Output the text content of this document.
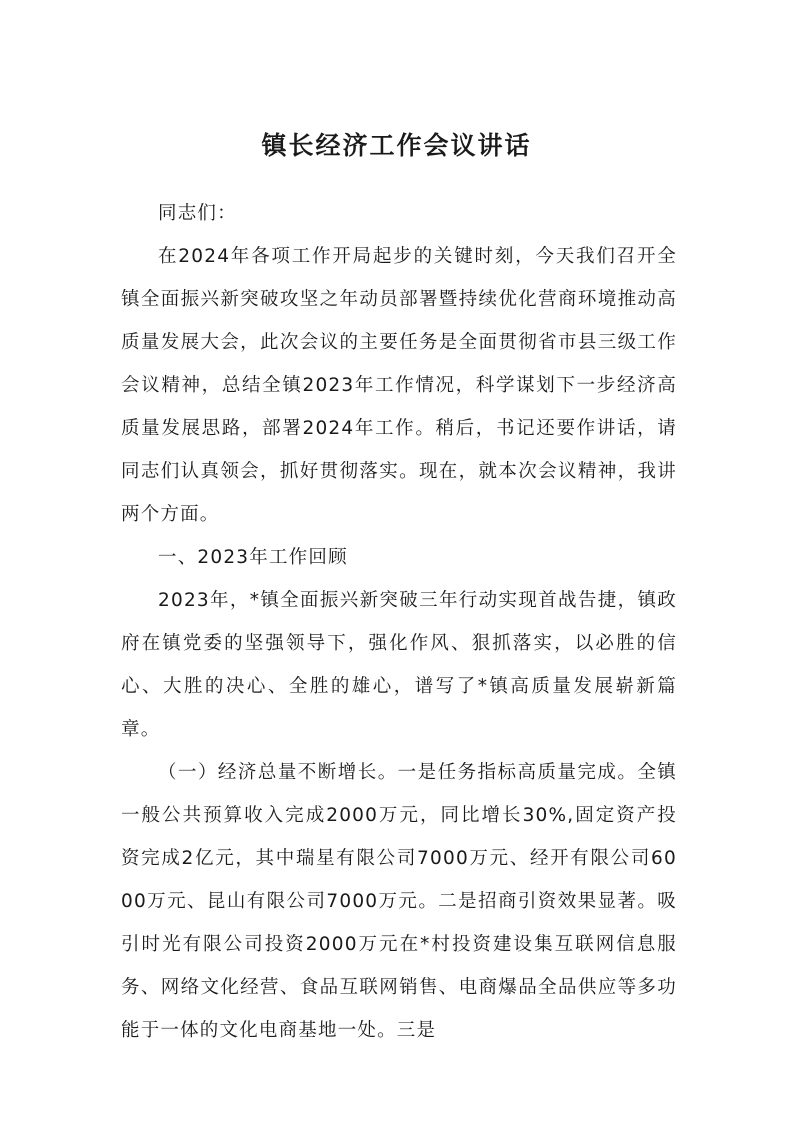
镇长经济工作会议讲话

同志们：

在2024年各项工作开局起步的关键时刻，今天我们召开全镇全面振兴新突破攻坚之年动员部署暨持续优化营商环境推动高质量发展大会，此次会议的主要任务是全面贯彻省市县三级工作会议精神，总结全镇2023年工作情况，科学谋划下一步经济高质量发展思路，部署2024年工作。稍后，书记还要作讲话，请同志们认真领会，抓好贯彻落实。现在，就本次会议精神，我讲两个方面。

一、2023年工作回顾

2023年，*镇全面振兴新突破三年行动实现首战告捷，镇政府在镇党委的坚强领导下，强化作风、狠抓落实，以必胜的信心、大胜的决心、全胜的雄心，谱写了*镇高质量发展崭新篇章。

（一）经济总量不断增长。一是任务指标高质量完成。全镇一般公共预算收入完成2000万元，同比增长30%,固定资产投资完成2亿元，其中瑞星有限公司7000万元、经开有限公司6000万元、昆山有限公司7000万元。二是招商引资效果显著。吸引时光有限公司投资2000万元在*村投资建设集互联网信息服务、网络文化经营、食品互联网销售、电商爆品全品供应等多功能于一体的文化电商基地一处。三是
